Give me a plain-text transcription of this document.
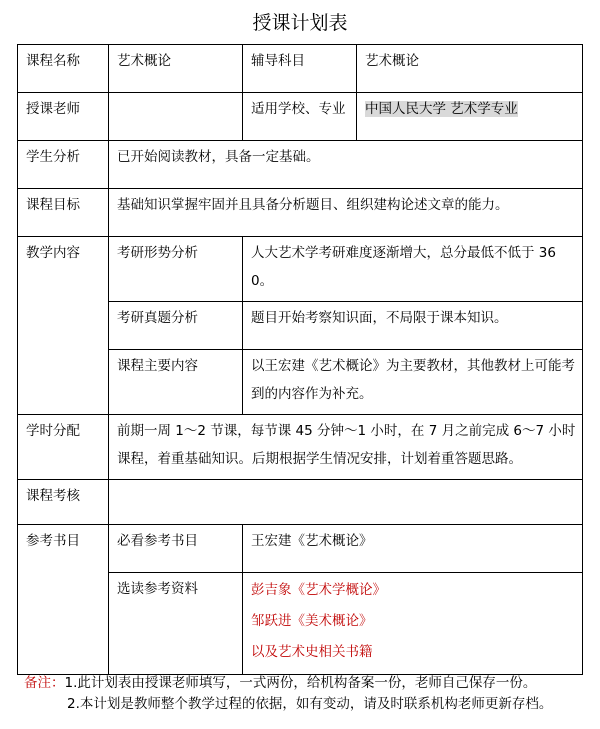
授课计划表
课程名称	艺术概论	辅导科目	艺术概论
授课老师		适用学校、专业	中国人民大学 艺术学专业
学生分析	已开始阅读教材，具备一定基础。		
课程目标	基础知识掌握牢固并且具备分析题目、组织建构论述文章的能力。		
教学内容	考研形势分析	人大艺术学考研难度逐渐增大，总分最低不低于 360。	
	考研真题分析	题目开始考察知识面，不局限于课本知识。	
	课程主要内容	以王宏建《艺术概论》为主要教材，其他教材上可能考到的内容作为补充。	
学时分配	前期一周 1～2 节课，每节课 45 分钟～1 小时，在 7 月之前完成 6～7 小时课程，着重基础知识。后期根据学生情况安排，计划着重答题思路。		
课程考核			
参考书目	必看参考书目	王宏建《艺术概论》	
	选读参考资料	彭吉象《艺术学概论》
邹跃进《美术概论》
以及艺术史相关书籍	
备注：1.此计划表由授课老师填写，一式两份，给机构备案一份，老师自己保存一份。
2.本计划是教师整个教学过程的依据，如有变动，请及时联系机构老师更新存档。
